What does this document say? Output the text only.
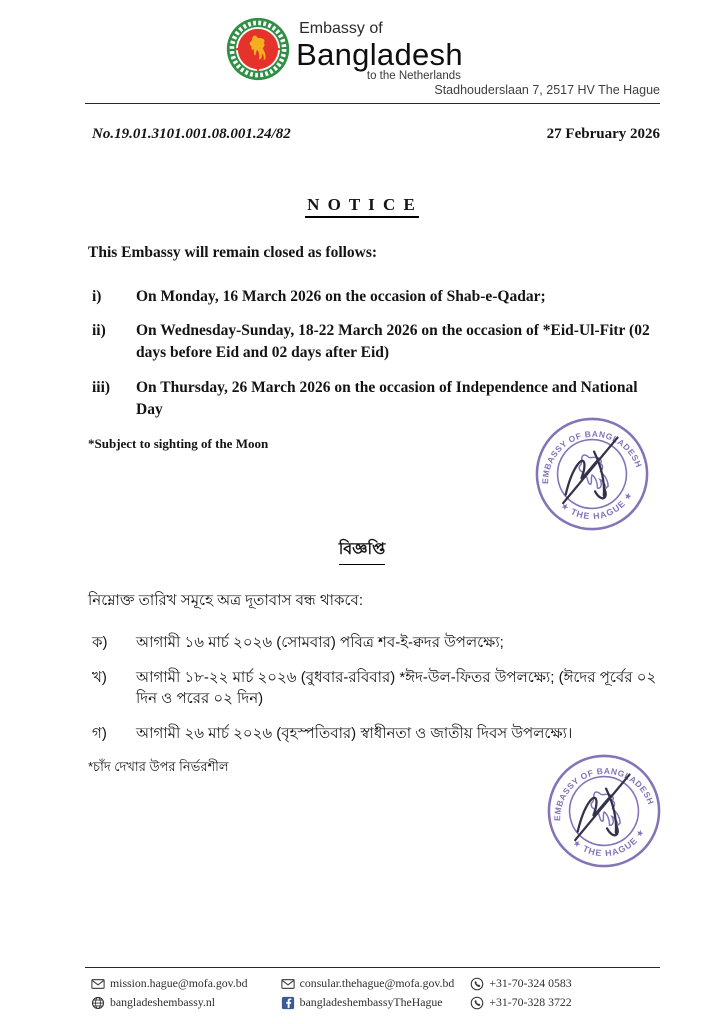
Embassy of
Bangladesh
to the Netherlands
Stadhouderslaan 7, 2517 HV The Hague
No.19.01.3101.001.08.001.24/82	27 February 2026
N O T I C E
This Embassy will remain closed as follows:
i)	On Monday, 16 March 2026 on the occasion of Shab-e-Qadar;
ii)	On Wednesday-Sunday, 18-22 March 2026 on the occasion of *Eid-Ul-Fitr (02 days before Eid and 02 days after Eid)
iii)	On Thursday, 26 March 2026 on the occasion of Independence and National Day
*Subject to sighting of the Moon
বিজ্ঞপ্তি
নিম্নোক্ত তারিখ সমূহে অত্র দূতাবাস বন্ধ থাকবে:
ক)	আগামী ১৬ মার্চ ২০২৬ (সোমবার) পবিত্র শব-ই-ক্বদর উপলক্ষ্যে;
খ)	আগামী ১৮-২২ মার্চ ২০২৬ (বুধবার-রবিবার) *ঈদ-উল-ফিতর উপলক্ষ্যে; (ঈদের পূর্বের ০২ দিন ও পরের ০২ দিন)
গ)	আগামী ২৬ মার্চ ২০২৬ (বৃহস্পতিবার) স্বাধীনতা ও জাতীয় দিবস উপলক্ষ্যে।
*চাঁদ দেখার উপর নির্ভরশীল
EMBASSY OF BANGLADESH
★ THE HAGUE ★
EMBASSY OF BANGLADESH
★ THE HAGUE ★
mission.hague@mofa.gov.bd
bangladeshembassy.nl
consular.thehague@mofa.gov.bd
bangladeshembassyTheHague
+31-70-324 0583
+31-70-328 3722
